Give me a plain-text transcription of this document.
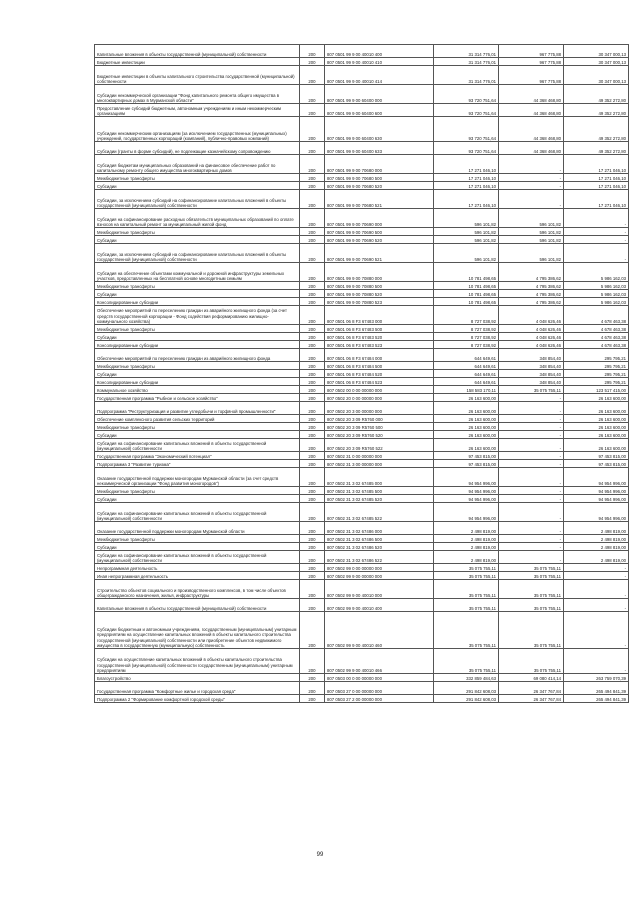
Капитальные вложения в объекты государственной (муниципальной) собственности	200	807 0501 99 9 00 40010 400	31 314 776,01	967 775,88	30 347 000,13
Бюджетные инвестиции	200	807 0501 99 9 00 40010 410	31 314 776,01	967 775,88	30 347 000,13
Бюджетные инвестиции в объекты капитального строительства государственной (муниципальной) собственности	200	807 0501 99 9 00 40010 414	31 314 776,01	967 775,88	30 347 000,13
Субсидии некоммерческой организации "Фонд капитального ремонта общего имущества в многоквартирных домах в Мурманской области"	200	807 0501 99 9 00 60400 000	93 720 751,64	44 368 468,80	49 352 272,80
Предоставление субсидий бюджетным, автономным учреждениям и иным некоммерческим организациям	200	807 0501 99 9 00 60400 600	93 720 751,64	44 368 468,80	49 352 272,80
Субсидии некоммерческим организациям (за исключением государственных (муниципальных) учреждений, государственных корпораций (компаний), публично-правовых компаний)	200	807 0501 99 9 00 60400 630	93 720 751,64	44 368 468,80	49 352 272,80
Субсидии (гранты в форме субсидий), не подлежащие казначейскому сопровождению	200	807 0501 99 9 00 60400 633	93 720 751,64	44 368 468,80	49 352 272,80
Субсидия бюджетам муниципальных образований на финансовое обеспечение работ по капитальному ремонту общего имущества многоквартирных домов	200	807 0501 99 9 00 70680 000	17 271 046,10	-	17 271 046,10
Межбюджетные трансферты	200	807 0501 99 9 00 70680 500	17 271 046,10	-	17 271 046,10
Субсидии	200	807 0501 99 9 00 70680 520	17 271 046,10	-	17 271 046,10
Субсидии, за исключением субсидий на софинансирование капитальных вложений в объекты государственной (муниципальной) собственности	200	807 0501 99 9 00 70680 521	17 271 046,10	-	17 271 046,10
Субсидия на софинансирование расходных обязательств муниципальных образований по оплате взносов на капитальный ремонт за муниципальный жилой фонд	200	807 0501 99 9 00 70690 000	596 101,82	596 101,82	-
Межбюджетные трансферты	200	807 0501 99 9 00 70690 500	596 101,82	596 101,82	-
Субсидии	200	807 0501 99 9 00 70690 520	596 101,82	596 101,82	-
Субсидии, за исключением субсидий на софинансирование капитальных вложений в объекты государственной (муниципальной) собственности	200	807 0501 99 9 00 70690 521	596 101,82	596 101,82	-
Субсидия на обеспечение объектами коммунальной и дорожной инфраструктуры земельных участков, предоставленных на бесплатной основе многодетным семьям	200	807 0501 99 9 00 70880 000	10 781 498,65	4 795 386,62	5 986 162,03
Межбюджетные трансферты	200	807 0501 99 9 00 70880 500	10 781 498,65	4 795 386,62	5 986 162,03
Субсидии	200	807 0501 99 9 00 70880 520	10 781 498,65	4 795 386,62	5 986 162,03
Консолидированные субсидии	200	807 0501 99 9 00 70880 523	10 781 498,65	4 795 386,62	5 986 162,03
Обеспечение мероприятий по переселению граждан из аварийного жилищного фонда (за счет средств государственной корпорации - Фонд содействия реформированию жилищно-коммунального хозяйства)	200	807 0501 06 8 F3 67483 000	8 727 038,92	4 048 626,46	4 678 463,38
Межбюджетные трансферты	200	807 0501 06 8 F3 67483 500	8 727 038,92	4 048 626,46	4 678 463,38
Субсидии	200	807 0501 06 8 F3 67483 520	8 727 038,92	4 048 626,46	4 678 463,38
Консолидированные субсидии	200	807 0501 06 8 F3 67483 523	8 727 038,92	4 048 626,46	4 678 463,38
Обеспечение мероприятий по переселению граждан из аварийного жилищного фонда	200	807 0501 06 8 F3 67484 000	644 649,61	348 854,40	295 795,21
Межбюджетные трансферты	200	807 0501 06 8 F3 67484 500	644 649,61	348 854,40	295 795,21
Субсидии	200	807 0501 06 8 F3 67484 520	644 649,61	348 854,40	295 795,21
Консолидированные субсидии	200	807 0501 06 8 F3 67484 523	644 649,61	348 854,40	295 795,21
Коммунальное хозяйство	200	807 0502 00 0 00 00000 000	158 583 170,11	35 075 755,11	123 517 415,00
Государственная программа "Рыбное и сельское хозяйство"	200	807 0502 20 0 00 00000 000	26 163 600,00	-	26 163 600,00
Подпрограмма "Реструктуризация и развитие угледобычи и торфяной промышленности"	200	807 0502 20 3 00 00000 000	26 163 600,00	-	26 163 600,00
Обеспечение комплексного развития сельских территорий	200	807 0502 20 3 09 R5760 000	26 163 600,00	-	26 163 600,00
Межбюджетные трансферты	200	807 0502 20 3 09 R5760 500	26 163 600,00	-	26 163 600,00
Субсидии	200	807 0502 20 3 09 R5760 520	26 163 600,00	-	26 163 600,00
Субсидия на софинансирование капитальных вложений в объекты государственной (муниципальной) собственности	200	807 0502 20 3 09 R5760 522	26 163 600,00	-	26 163 600,00
Государственная программа "Экономический потенциал"	200	807 0502 31 0 00 00000 000	97 453 815,00	-	97 453 815,00
Подпрограмма 3 "Развитие туризма"	200	807 0502 31 3 00 00000 000	97 453 815,00	-	97 453 815,00
Оказание государственной поддержки моногородам Мурманской области (за счет средств некоммерческой организации "Фонд развития моногородов")	200	807 0502 31 3 02 67485 000	94 954 996,00	-	94 954 996,00
Межбюджетные трансферты	200	807 0502 31 3 02 67485 500	94 954 996,00	-	94 954 996,00
Субсидии	200	807 0502 31 3 02 67485 520	94 954 996,00	-	94 954 996,00
Субсидии на софинансирование капитальных вложений в объекты государственной (муниципальной) собственности	200	807 0502 31 3 02 67485 522	94 954 996,00	-	94 954 996,00
Оказание государственной поддержки моногородам Мурманской области	200	807 0502 31 3 02 67486 000	2 498 819,00	-	2 498 819,00
Межбюджетные трансферты	200	807 0502 31 3 02 67486 500	2 498 819,00	-	2 498 819,00
Субсидии	200	807 0502 31 3 02 67486 520	2 498 819,00	-	2 498 819,00
Субсидии на софинансирование капитальных вложений в объекты государственной (муниципальной) собственности	200	807 0502 31 3 02 67486 522	2 498 819,00	-	2 498 819,00
Непрограммная деятельность	200	807 0502 99 0 00 00000 000	35 075 755,11	35 075 755,11	-
Иная непрограммная деятельность	200	807 0502 99 9 00 00000 000	35 075 755,11	35 075 755,11	-
Строительство объектов социального и производственного комплексов, в том числе объектов общегражданского назначения, жилья, инфраструктуры	200	807 0502 99 9 00 40010 000	35 075 755,11	35 075 755,11	-
Капитальные вложения в объекты государственной (муниципальной) собственности	200	807 0502 99 9 00 40010 400	35 075 755,11	35 075 755,11	-
Субсидии бюджетным и автономным учреждениям, государственным (муниципальным) унитарным предприятиям на осуществление капитальных вложений в объекты капитального строительства государственной (муниципальной) собственности или приобретение объектов недвижимого имущества в государственную (муниципальную) собственность	200	807 0502 99 9 00 40010 460	35 075 755,11	35 075 755,11	-
Субсидии на осуществление капитальных вложений в объекты капитального строительства государственной (муниципальной) собственности государственным (муниципальным) унитарным предприятиям	200	807 0502 99 9 00 40010 466	35 075 755,11	35 075 755,11	-
Благоустройство	200	807 0503 00 0 00 00000 000	332 859 484,63	69 080 414,14	263 759 070,39
Государственная программа "Комфортные жилье и городская среда"	200	807 0503 27 0 00 00000 000	291 842 608,03	26 347 767,84	265 494 841,39
Подпрограмма 2 "Формирование комфортной городской среды"	200	807 0503 27 2 00 00000 000	291 842 608,03	26 347 767,84	265 494 841,39
99
